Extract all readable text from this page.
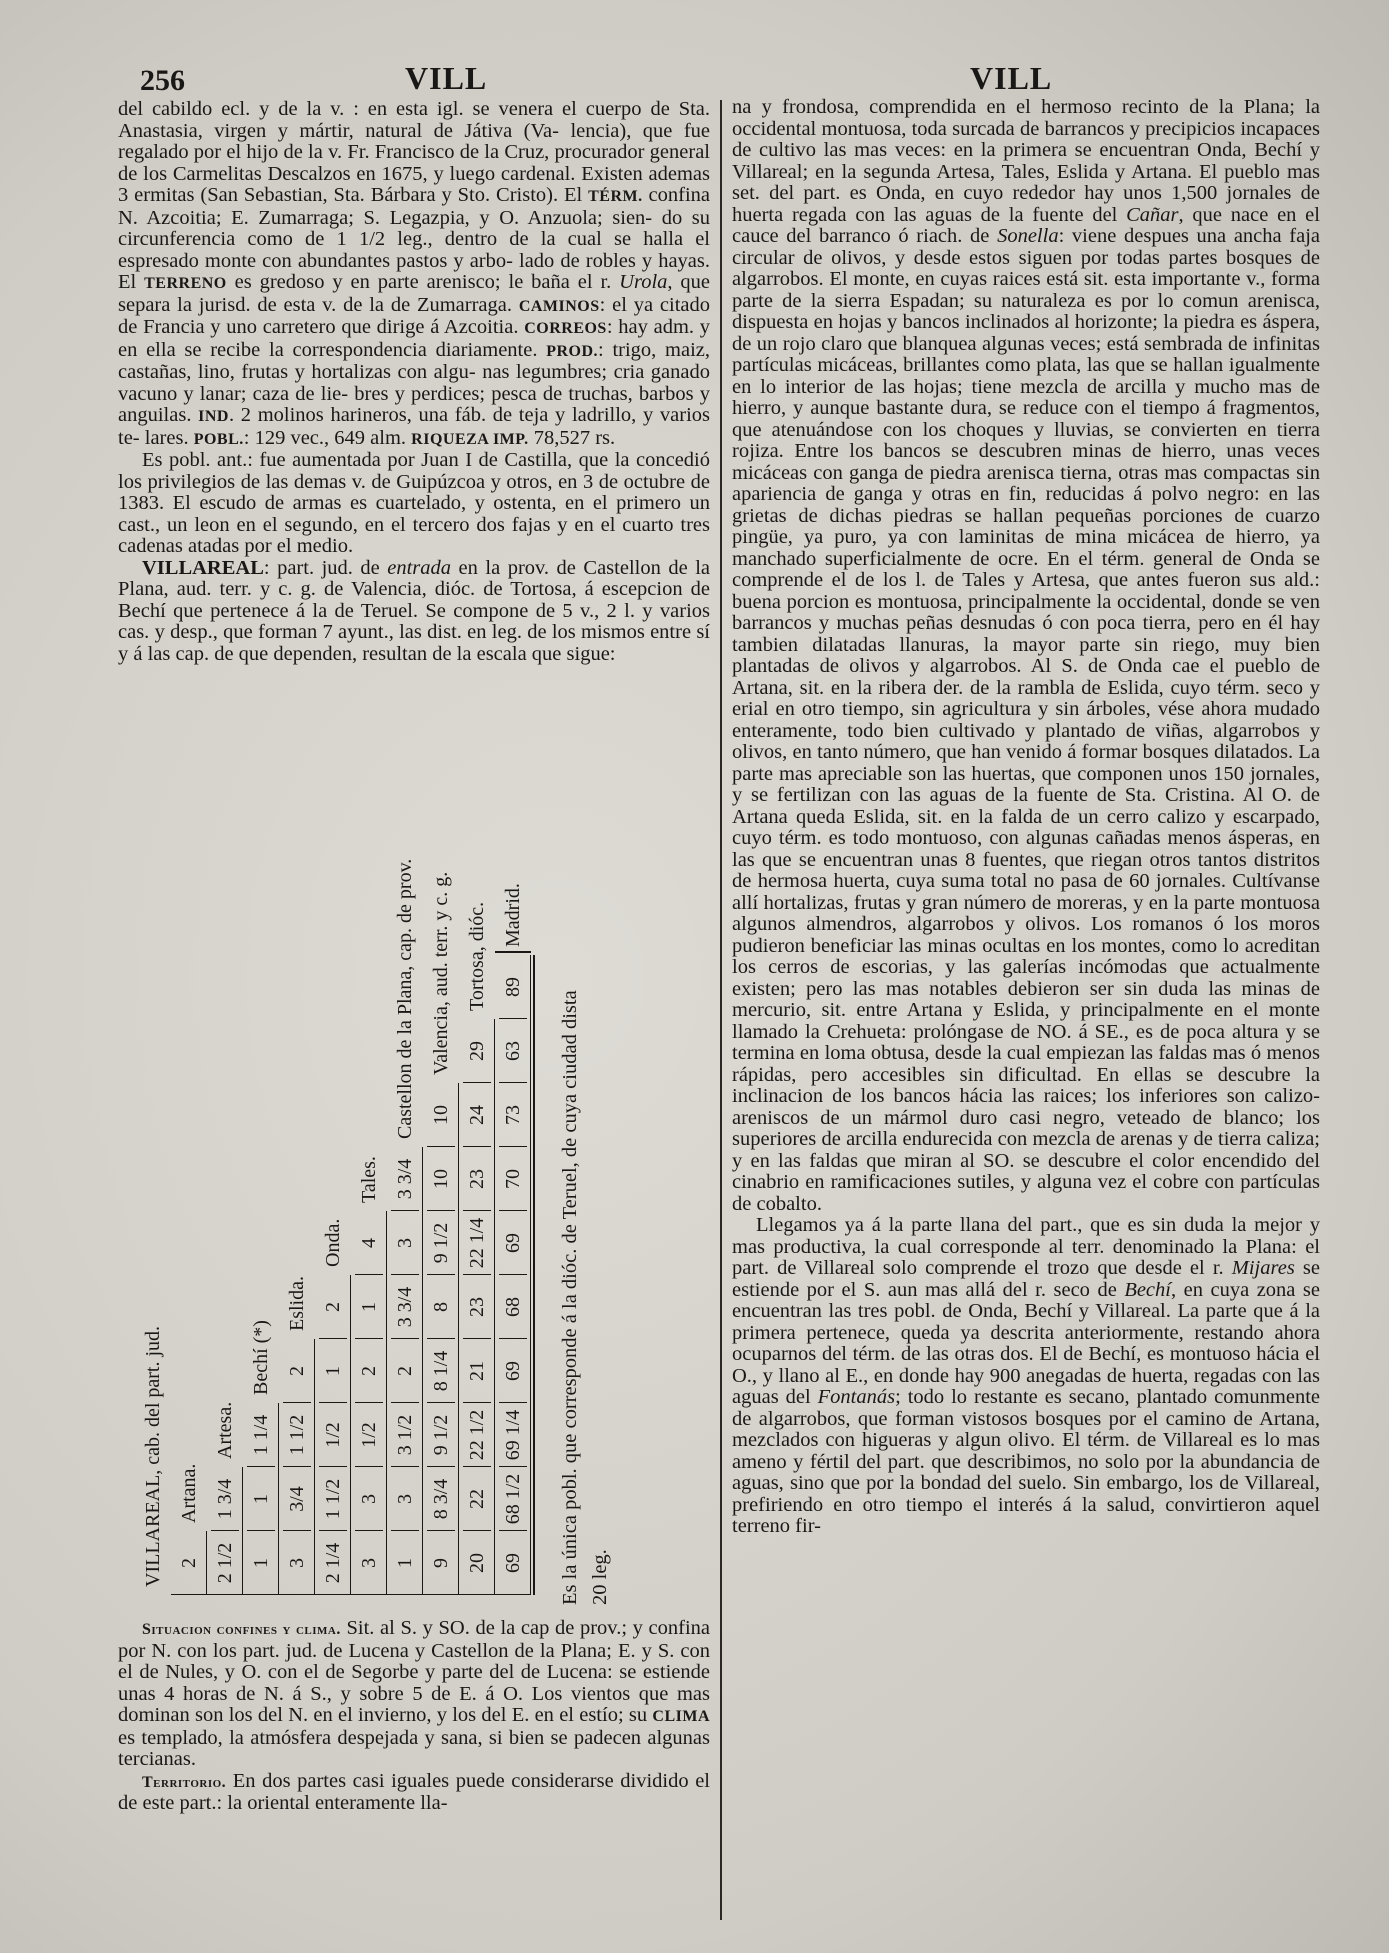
256	VILL	VILL

del cabildo ecl. y de la v. : en esta igl. se venera el cuerpo de Sta. Anastasia, virgen y mártir, natural de Játiva (Va- lencia), que fue regalado por el hijo de la v. Fr. Francisco de la Cruz, procurador general de los Carmelitas Descalzos en 1675, y luego cardenal. Existen ademas 3 ermitas (San Sebastian, Sta. Bárbara y Sto. Cristo). El TÉRM. confina N. Azcoitia; E. Zumarraga; S. Legazpia, y O. Anzuola; sien- do su circunferencia como de 1 1/2 leg., dentro de la cual se halla el espresado monte con abundantes pastos y arbo- lado de robles y hayas. El TERRENO es gredoso y en parte arenisco; le baña el r. Urola, que separa la jurisd. de esta v. de la de Zumarraga. CAMINOS: el ya citado de Francia y uno carretero que dirige á Azcoitia. CORREOS: hay adm. y en ella se recibe la correspondencia diariamente. PROD.: trigo, maiz, castañas, lino, frutas y hortalizas con algu- nas legumbres; cria ganado vacuno y lanar; caza de lie- bres y perdices; pesca de truchas, barbos y anguilas. IND. 2 molinos harineros, una fáb. de teja y ladrillo, y varios te- lares. POBL.: 129 vec., 649 alm. RIQUEZA IMP. 78,527 rs.

Es pobl. ant.: fue aumentada por Juan I de Castilla, que la concedió los privilegios de las demas v. de Guipúzcoa y otros, en 3 de octubre de 1383. El escudo de armas es cuartelado, y ostenta, en el primero un cast., un leon en el segundo, en el tercero dos fajas y en el cuarto tres cadenas atadas por el medio.

VILLAREAL: part. jud. de entrada en la prov. de Castellon de la Plana, aud. terr. y c. g. de Valencia, dióc. de Tortosa, á escepcion de Bechí que pertenece á la de Teruel. Se compone de 5 v., 2 l. y varios cas. y desp., que forman 7 ayunt., las dist. en leg. de los mismos entre sí y á las cap. de que dependen, resultan de la escala que sigue:

VILLAREAL, cab. del part. jud. 2
Artana.
2 1/2
1 3/4
Artesa.
1
1
1 1/4
Bechí (*)
3
3/4
1 1/2
2
Eslida.
2 1/4
1 1/2
1/2
1
2
Onda.
3
3
1/2
2
1
4
Tales.
1
3
3 1/2
2
3 3/4
3
3 3/4
Castellon de la Plana, cap. de prov.
9
8 3/4
9 1/2
8 1/4
8
9 1/2
10
10
Valencia, aud. terr. y c. g.
20
22
22 1/2
21
23
22 1/4
23
24
29
Tortosa, dióc.
69
68 1/2
69 1/4
69
68
69
70
73
63
89
Madrid.
Es la única pobl. que corresponde á la dióc. de Teruel, de cuya ciudad dista 20 leg.

Situacion confines y clima. Sit. al S. y SO. de la cap de prov.; y confina por N. con los part. jud. de Lucena y Castellon de la Plana; E. y S. con el de Nules, y O. con el de Segorbe y parte del de Lucena: se estiende unas 4 horas de N. á S., y sobre 5 de E. á O. Los vientos que mas dominan son los del N. en el invierno, y los del E. en el estío; su CLIMA es templado, la atmósfera despejada y sana, si bien se padecen algunas tercianas.

Territorio. En dos partes casi iguales puede considerarse dividido el de este part.: la oriental enteramente lla-

na y frondosa, comprendida en el hermoso recinto de la Plana; la occidental montuosa, toda surcada de barrancos y precipicios incapaces de cultivo las mas veces: en la primera se encuentran Onda, Bechí y Villareal; en la segunda Artesa, Tales, Eslida y Artana. El pueblo mas set. del part. es Onda, en cuyo rededor hay unos 1,500 jornales de huerta regada con las aguas de la fuente del Cañar, que nace en el cauce del barranco ó riach. de Sonella: viene despues una ancha faja circular de olivos, y desde estos siguen por todas partes bosques de algarrobos. El monte, en cuyas raices está sit. esta importante v., forma parte de la sierra Espadan; su naturaleza es por lo comun arenisca, dispuesta en hojas y bancos inclinados al horizonte; la piedra es áspera, de un rojo claro que blanquea algunas veces; está sembrada de infinitas partículas micáceas, brillantes como plata, las que se hallan igualmente en lo interior de las hojas; tiene mezcla de arcilla y mucho mas de hierro, y aunque bastante dura, se reduce con el tiempo á fragmentos, que atenuándose con los choques y lluvias, se convierten en tierra rojiza. Entre los bancos se descubren minas de hierro, unas veces micáceas con ganga de piedra arenisca tierna, otras mas compactas sin apariencia de ganga y otras en fin, reducidas á polvo negro: en las grietas de dichas piedras se hallan pequeñas porciones de cuarzo pingüe, ya puro, ya con laminitas de mina micácea de hierro, ya manchado superficialmente de ocre. En el térm. general de Onda se comprende el de los l. de Tales y Artesa, que antes fueron sus ald.: buena porcion es montuosa, principalmente la occidental, donde se ven barrancos y muchas peñas desnudas ó con poca tierra, pero en él hay tambien dilatadas llanuras, la mayor parte sin riego, muy bien plantadas de olivos y algarrobos. Al S. de Onda cae el pueblo de Artana, sit. en la ribera der. de la rambla de Eslida, cuyo térm. seco y erial en otro tiempo, sin agricultura y sin árboles, vése ahora mudado enteramente, todo bien cultivado y plantado de viñas, algarrobos y olivos, en tanto número, que han venido á formar bosques dilatados. La parte mas apreciable son las huertas, que componen unos 150 jornales, y se fertilizan con las aguas de la fuente de Sta. Cristina. Al O. de Artana queda Eslida, sit. en la falda de un cerro calizo y escarpado, cuyo térm. es todo montuoso, con algunas cañadas menos ásperas, en las que se encuentran unas 8 fuentes, que riegan otros tantos distritos de hermosa huerta, cuya suma total no pasa de 60 jornales. Cultívanse allí hortalizas, frutas y gran número de moreras, y en la parte montuosa algunos almendros, algarrobos y olivos. Los romanos ó los moros pudieron beneficiar las minas ocultas en los montes, como lo acreditan los cerros de escorias, y las galerías incómodas que actualmente existen; pero las mas notables debieron ser sin duda las minas de mercurio, sit. entre Artana y Eslida, y principalmente en el monte llamado la Crehueta: prolóngase de NO. á SE., es de poca altura y se termina en loma obtusa, desde la cual empiezan las faldas mas ó menos rápidas, pero accesibles sin dificultad. En ellas se descubre la inclinacion de los bancos hácia las raices; los inferiores son calizo-areniscos de un mármol duro casi negro, veteado de blanco; los superiores de arcilla endurecida con mezcla de arenas y de tierra caliza; y en las faldas que miran al SO. se descubre el color encendido del cinabrio en ramificaciones sutiles, y alguna vez el cobre con partículas de cobalto.

Llegamos ya á la parte llana del part., que es sin duda la mejor y mas productiva, la cual corresponde al terr. denominado la Plana: el part. de Villareal solo comprende el trozo que desde el r. Mijares se estiende por el S. aun mas allá del r. seco de Bechí, en cuya zona se encuentran las tres pobl. de Onda, Bechí y Villareal. La parte que á la primera pertenece, queda ya descrita anteriormente, restando ahora ocuparnos del térm. de las otras dos. El de Bechí, es montuoso hácia el O., y llano al E., en donde hay 900 anegadas de huerta, regadas con las aguas del Fontanás; todo lo restante es secano, plantado comunmente de algarrobos, que forman vistosos bosques por el camino de Artana, mezclados con higueras y algun olivo. El térm. de Villareal es lo mas ameno y fértil del part. que describimos, no solo por la abundancia de aguas, sino que por la bondad del suelo. Sin embargo, los de Villareal, prefiriendo en otro tiempo el interés á la salud, convirtieron aquel terreno fir-
